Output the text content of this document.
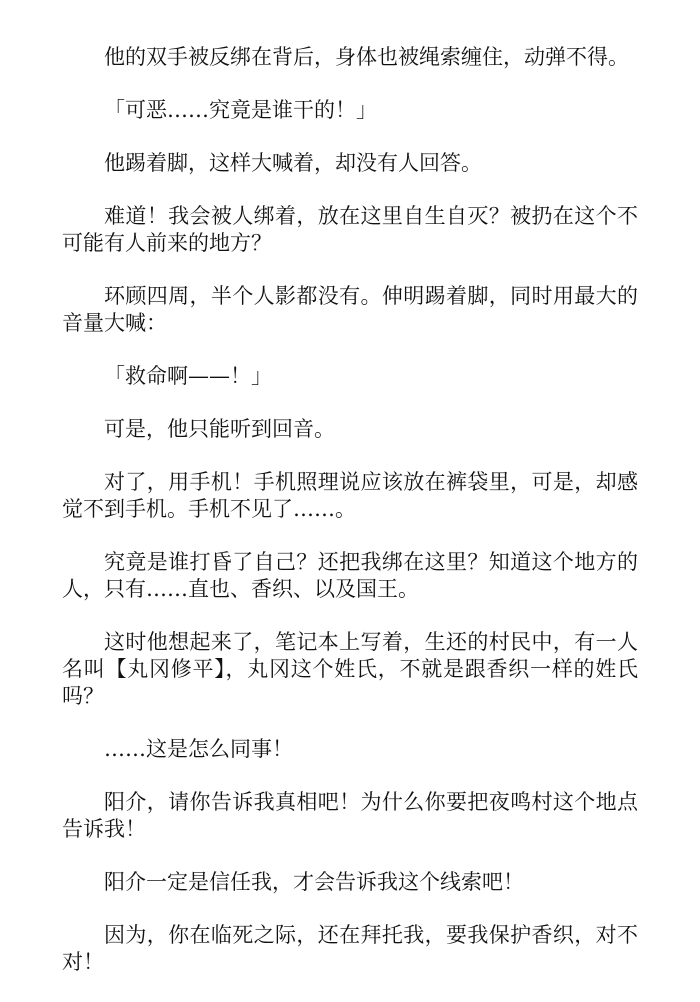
他的双手被反绑在背后，身体也被绳索缠住，动弹不得。

「可恶……究竟是谁干的！」

他踢着脚，这样大喊着，却没有人回答。

难道！我会被人绑着，放在这里自生自灭？被扔在这个不可能有人前来的地方？

环顾四周，半个人影都没有。伸明踢着脚，同时用最大的音量大喊：

「救命啊——！」

可是，他只能听到回音。

对了，用手机！手机照理说应该放在裤袋里，可是，却感觉不到手机。手机不见了……。

究竟是谁打昏了自己？还把我绑在这里？知道这个地方的人，只有……直也、香织、以及国王。

这时他想起来了，笔记本上写着，生还的村民中，有一人名叫【丸冈修平】，丸冈这个姓氏，不就是跟香织一样的姓氏吗？

……这是怎么同事！

阳介，请你告诉我真相吧！为什么你要把夜鸣村这个地点告诉我！

阳介一定是信任我，才会告诉我这个线索吧！

因为，你在临死之际，还在拜托我，要我保护香织，对不对！
